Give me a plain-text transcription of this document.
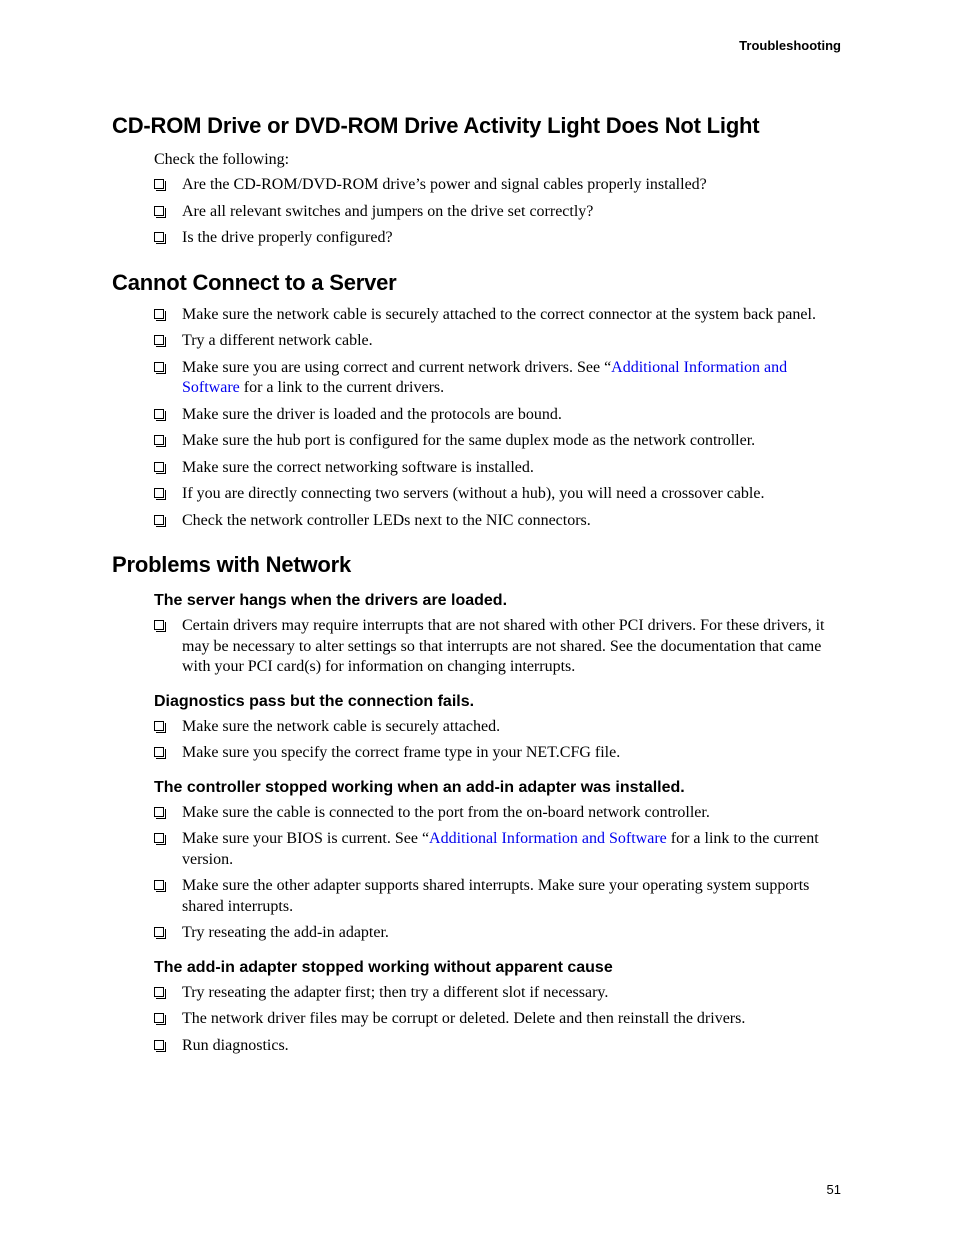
Troubleshooting
CD-ROM Drive or DVD-ROM Drive Activity Light Does Not Light

Check the following:

Are the CD-ROM/DVD-ROM drive’s power and signal cables properly installed?
Are all relevant switches and jumpers on the drive set correctly?
Is the drive properly configured?
Cannot Connect to a Server
Make sure the network cable is securely attached to the correct connector at the system back panel.
Try a different network cable.
Make sure you are using correct and current network drivers. See “Additional Information and Software for a link to the current drivers.
Make sure the driver is loaded and the protocols are bound.
Make sure the hub port is configured for the same duplex mode as the network controller.
Make sure the correct networking software is installed.
If you are directly connecting two servers (without a hub), you will need a crossover cable.
Check the network controller LEDs next to the NIC connectors.
Problems with Network
The server hangs when the drivers are loaded.
Certain drivers may require interrupts that are not shared with other PCI drivers. For these drivers, it may be necessary to alter settings so that interrupts are not shared. See the documentation that came with your PCI card(s) for information on changing interrupts.
Diagnostics pass but the connection fails.
Make sure the network cable is securely attached.
Make sure you specify the correct frame type in your NET.CFG file.
The controller stopped working when an add-in adapter was installed.
Make sure the cable is connected to the port from the on-board network controller.
Make sure your BIOS is current. See “Additional Information and Software for a link to the current version.
Make sure the other adapter supports shared interrupts. Make sure your operating system supports shared interrupts.
Try reseating the add-in adapter.
The add-in adapter stopped working without apparent cause
Try reseating the adapter first; then try a different slot if necessary.
The network driver files may be corrupt or deleted. Delete and then reinstall the drivers.
Run diagnostics.
51
